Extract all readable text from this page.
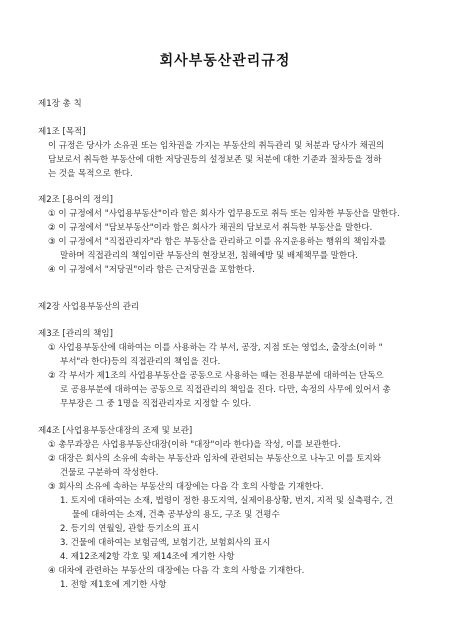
회사부동산관리규정
제1장 총 칙
제1조 [목적]
이 규정은 당사가 소유권 또는 임차권을 가지는 부동산의 취득관리 및 처분과 당사가 채권의
담보로서 취득한 부동산에 대한 저당권등의 설정보존 및 처분에 대한 기준과 절차등을 정하
는 것을 목적으로 한다.
제2조 [용어의 정의]
① 이 규정에서 "사업용부동산"이라 함은 회사가 업무용도로 취득 또는 임차한 부동산을 말한다.
② 이 규정에서 "담보부동산"이라 함은 회사가 채권의 담보로서 취득한 부동산을 말한다.
③ 이 규정에서 "직접관리자"라 함은 부동산을 관리하고 이를 유지운용하는 행위의 책임자를
말하며 직접관리의 책임이란 부동산의 현장보전, 침해예방 및 배제책무를 말한다.
④ 이 규정에서 "저당권"이라 함은 근저당권을 포함한다.
제2장 사업용부동산의 관리
제3조 [관리의 책임]
① 사업용부동산에 대하여는 이를 사용하는 각 부서, 공장, 지점 또는 영업소, 출장소(이하 "
부서"라 한다)등의 직접관리의 책임을 진다.
② 각 부서가 제1조의 사업용부동산을 공동으로 사용하는 때는 전용부분에 대하여는 단독으
로 공용부분에 대하여는 공동으로 직접관리의 책임을 진다. 다만, 속정의 사무에 있어서 총
무부장은 그 중 1명을 직접관리자로 지정할 수 있다.
제4조 [사업용부동산대장의 조제 및 보관]
① 총무과장은 사업용부동산대장(이하 "대장"이라 한다)을 작성, 이를 보관한다.
② 대장은 회사의 소유에 속하는 부동산과 임차에 관련되는 부동산으로 나누고 이를 토지와
건물로 구분하여 작성한다.
③ 회사의 소유에 속하는 부동산의 대장에는 다음 각 호의 사항을 기재한다.
1. 토지에 대하여는 소재, 법령이 정한 용도지역, 실제이용상황, 번지, 지적 및 실측평수, 건
물에 대하여는 소재, 건축 공부상의 용도, 구조 및 건평수
2. 등기의 연월일, 관할 등기소의 표시
3. 건물에 대하여는 보험금액, 보험기간, 보험회사의 표시
4. 제12조제2항 각호 및 제14조에 게기한 사항
④ 대차에 관련하는 부동산의 대장에는 다음 각 호의 사항을 기재한다.
1. 전항 제1호에 게기한 사항
